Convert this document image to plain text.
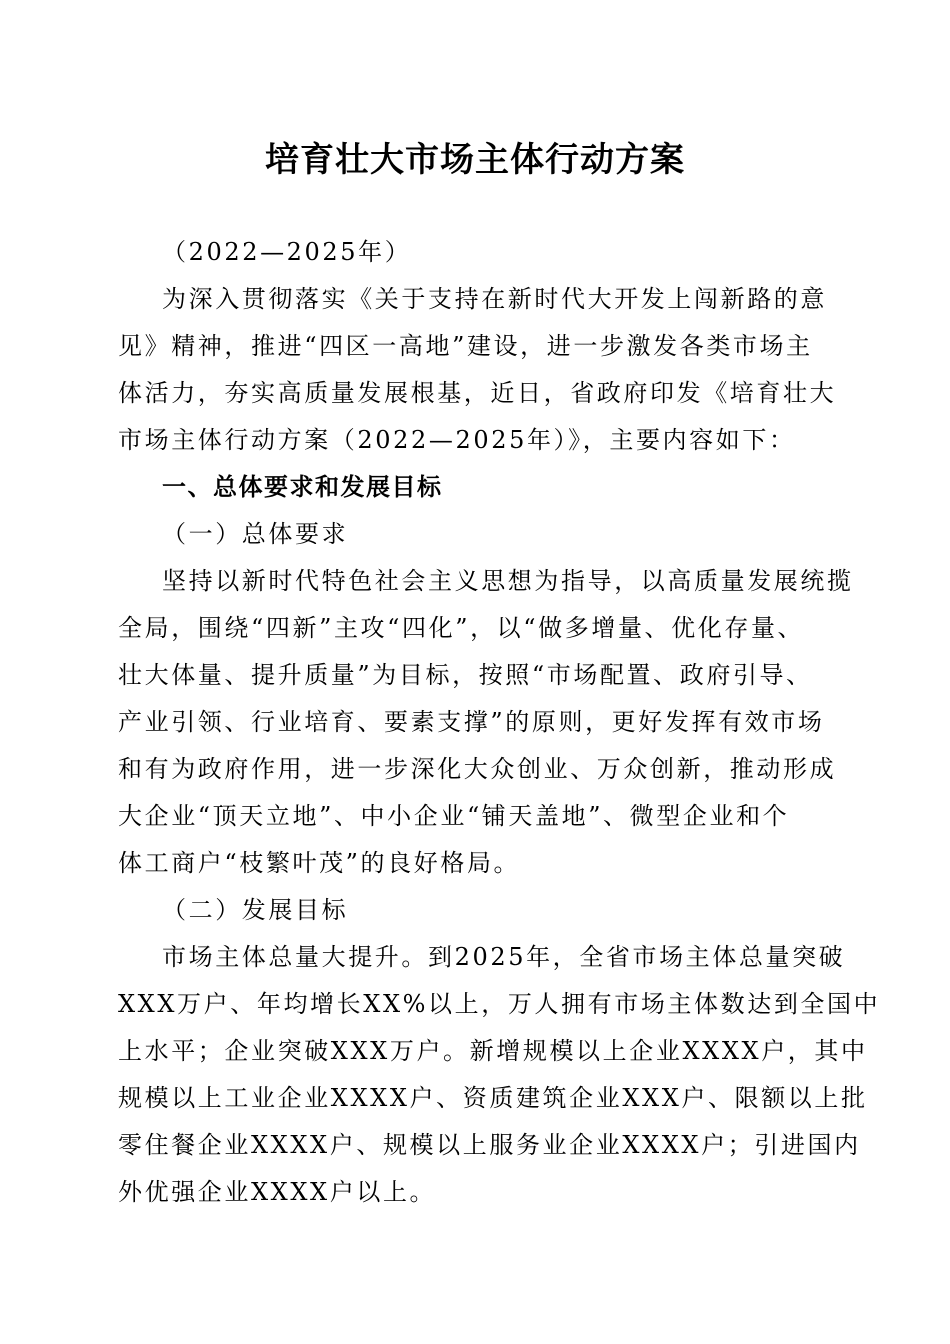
培育壮大市场主体行动方案
（2022—2025年）
为深入贯彻落实《关于支持在新时代大开发上闯新路的意
见》精神，推进“四区一高地”建设，进一步激发各类市场主
体活力，夯实高质量发展根基，近日，省政府印发《培育壮大
市场主体行动方案（2022—2025年）》，主要内容如下：
一、总体要求和发展目标
（一）总体要求
坚持以新时代特色社会主义思想为指导，以高质量发展统揽
全局，围绕“四新”主攻“四化”，以“做多增量、优化存量、
壮大体量、提升质量”为目标，按照“市场配置、政府引导、
产业引领、行业培育、要素支撑”的原则，更好发挥有效市场
和有为政府作用，进一步深化大众创业、万众创新，推动形成
大企业“顶天立地”、中小企业“铺天盖地”、微型企业和个
体工商户“枝繁叶茂”的良好格局。
（二）发展目标
市场主体总量大提升。到2025年，全省市场主体总量突破
XXX万户、年均增长XX%以上，万人拥有市场主体数达到全国中
上水平；企业突破XXX万户。新增规模以上企业XXXX户，其中
规模以上工业企业XXXX户、资质建筑企业XXX户、限额以上批
零住餐企业XXXX户、规模以上服务业企业XXXX户；引进国内
外优强企业XXXX户以上。
